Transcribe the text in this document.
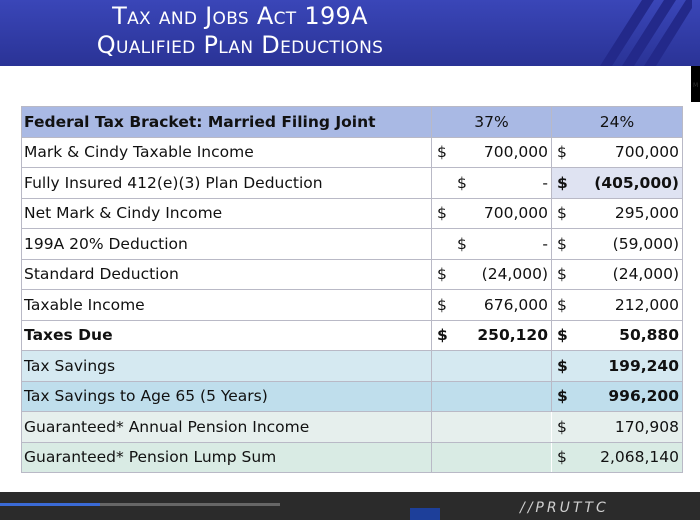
Tax and Jobs Act 199A
Qualified Plan Deductions
M
Federal Tax Bracket: Married Filing Joint	37%	24%
Mark & Cindy Taxable Income	$ 700,000	$ 700,000

Fully Insured 412(e)(3) Plan Deduction	$ -	$ (405,000)

Net Mark & Cindy Income	$ 700,000	$ 295,000

199A 20% Deduction	$ -	$ (59,000)

Standard Deduction	$ (24,000)	$ (24,000)

Taxable Income	$ 676,000	$ 212,000

Taxes Due	$ 250,120	$ 50,880

Tax Savings		$ 199,240

Tax Savings to Age 65 (5 Years)		$ 996,200

Guaranteed* Annual Pension Income		$ 170,908

Guaranteed* Pension Lump Sum		$ 2,068,140
//PRUTTC
